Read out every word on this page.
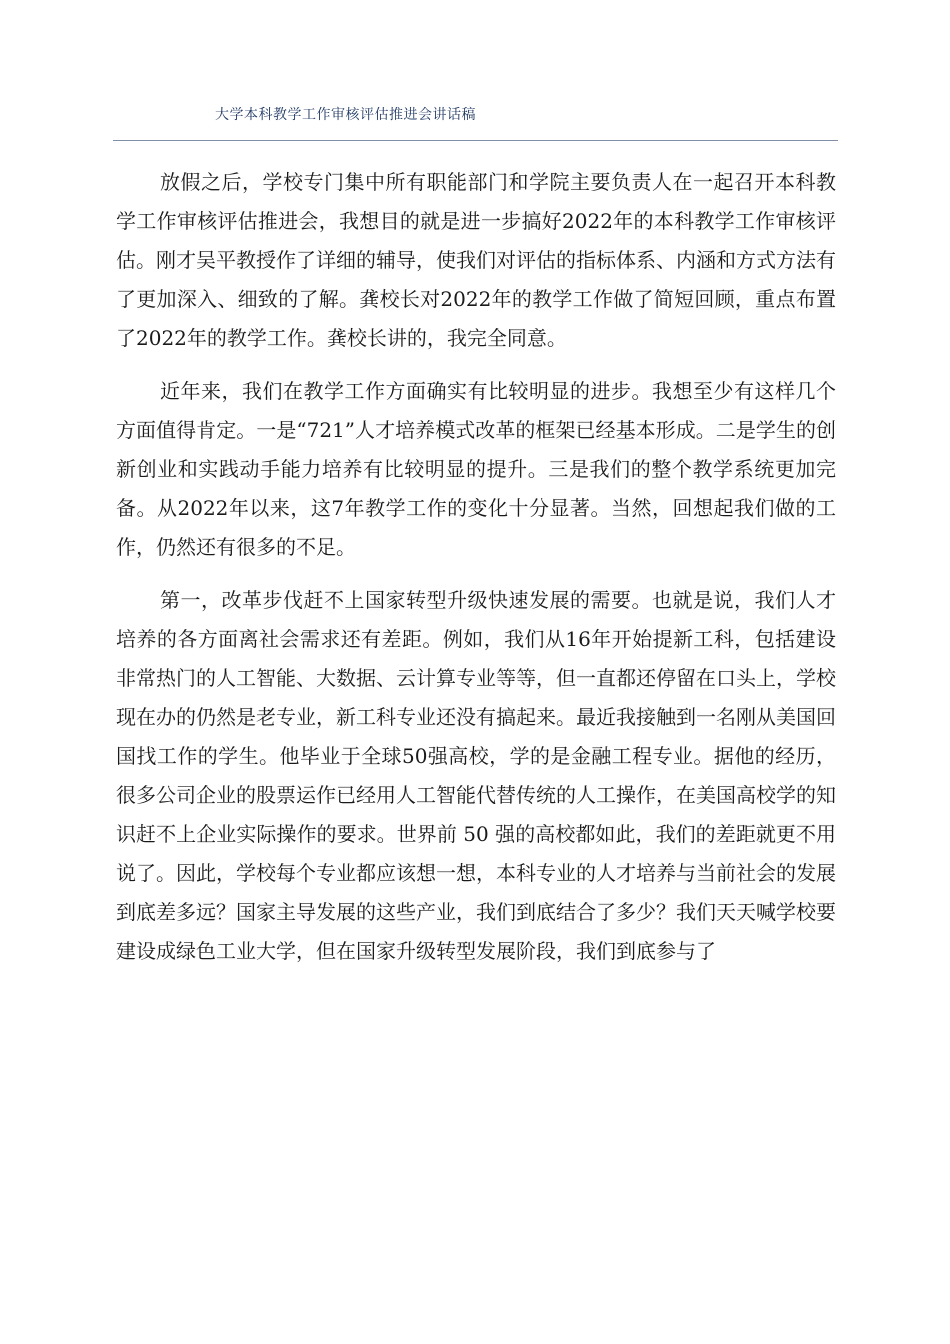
大学本科教学工作审核评估推进会讲话稿

放假之后，学校专门集中所有职能部门和学院主要负责人在一起召开本科教学工作审核评估推进会，我想目的就是进一步搞好2022年的本科教学工作审核评估。刚才吴平教授作了详细的辅导，使我们对评估的指标体系、内涵和方式方法有了更加深入、细致的了解。龚校长对2022年的教学工作做了简短回顾，重点布置了2022年的教学工作。龚校长讲的，我完全同意。

近年来，我们在教学工作方面确实有比较明显的进步。我想至少有这样几个方面值得肯定。一是“721”人才培养模式改革的框架已经基本形成。二是学生的创新创业和实践动手能力培养有比较明显的提升。三是我们的整个教学系统更加完备。从2022年以来，这7年教学工作的变化十分显著。当然，回想起我们做的工作，仍然还有很多的不足。

第一，改革步伐赶不上国家转型升级快速发展的需要。也就是说，我们人才培养的各方面离社会需求还有差距。例如，我们从16年开始提新工科，包括建设非常热门的人工智能、大数据、云计算专业等等，但一直都还停留在口头上，学校现在办的仍然是老专业，新工科专业还没有搞起来。最近我接触到一名刚从美国回国找工作的学生。他毕业于全球50强高校，学的是金融工程专业。据他的经历，很多公司企业的股票运作已经用人工智能代替传统的人工操作，在美国高校学的知识赶不上企业实际操作的要求。世界前 50 强的高校都如此，我们的差距就更不用说了。因此，学校每个专业都应该想一想，本科专业的人才培养与当前社会的发展到底差多远？国家主导发展的这些产业，我们到底结合了多少？我们天天喊学校要建设成绿色工业大学，但在国家升级转型发展阶段，我们到底参与了
